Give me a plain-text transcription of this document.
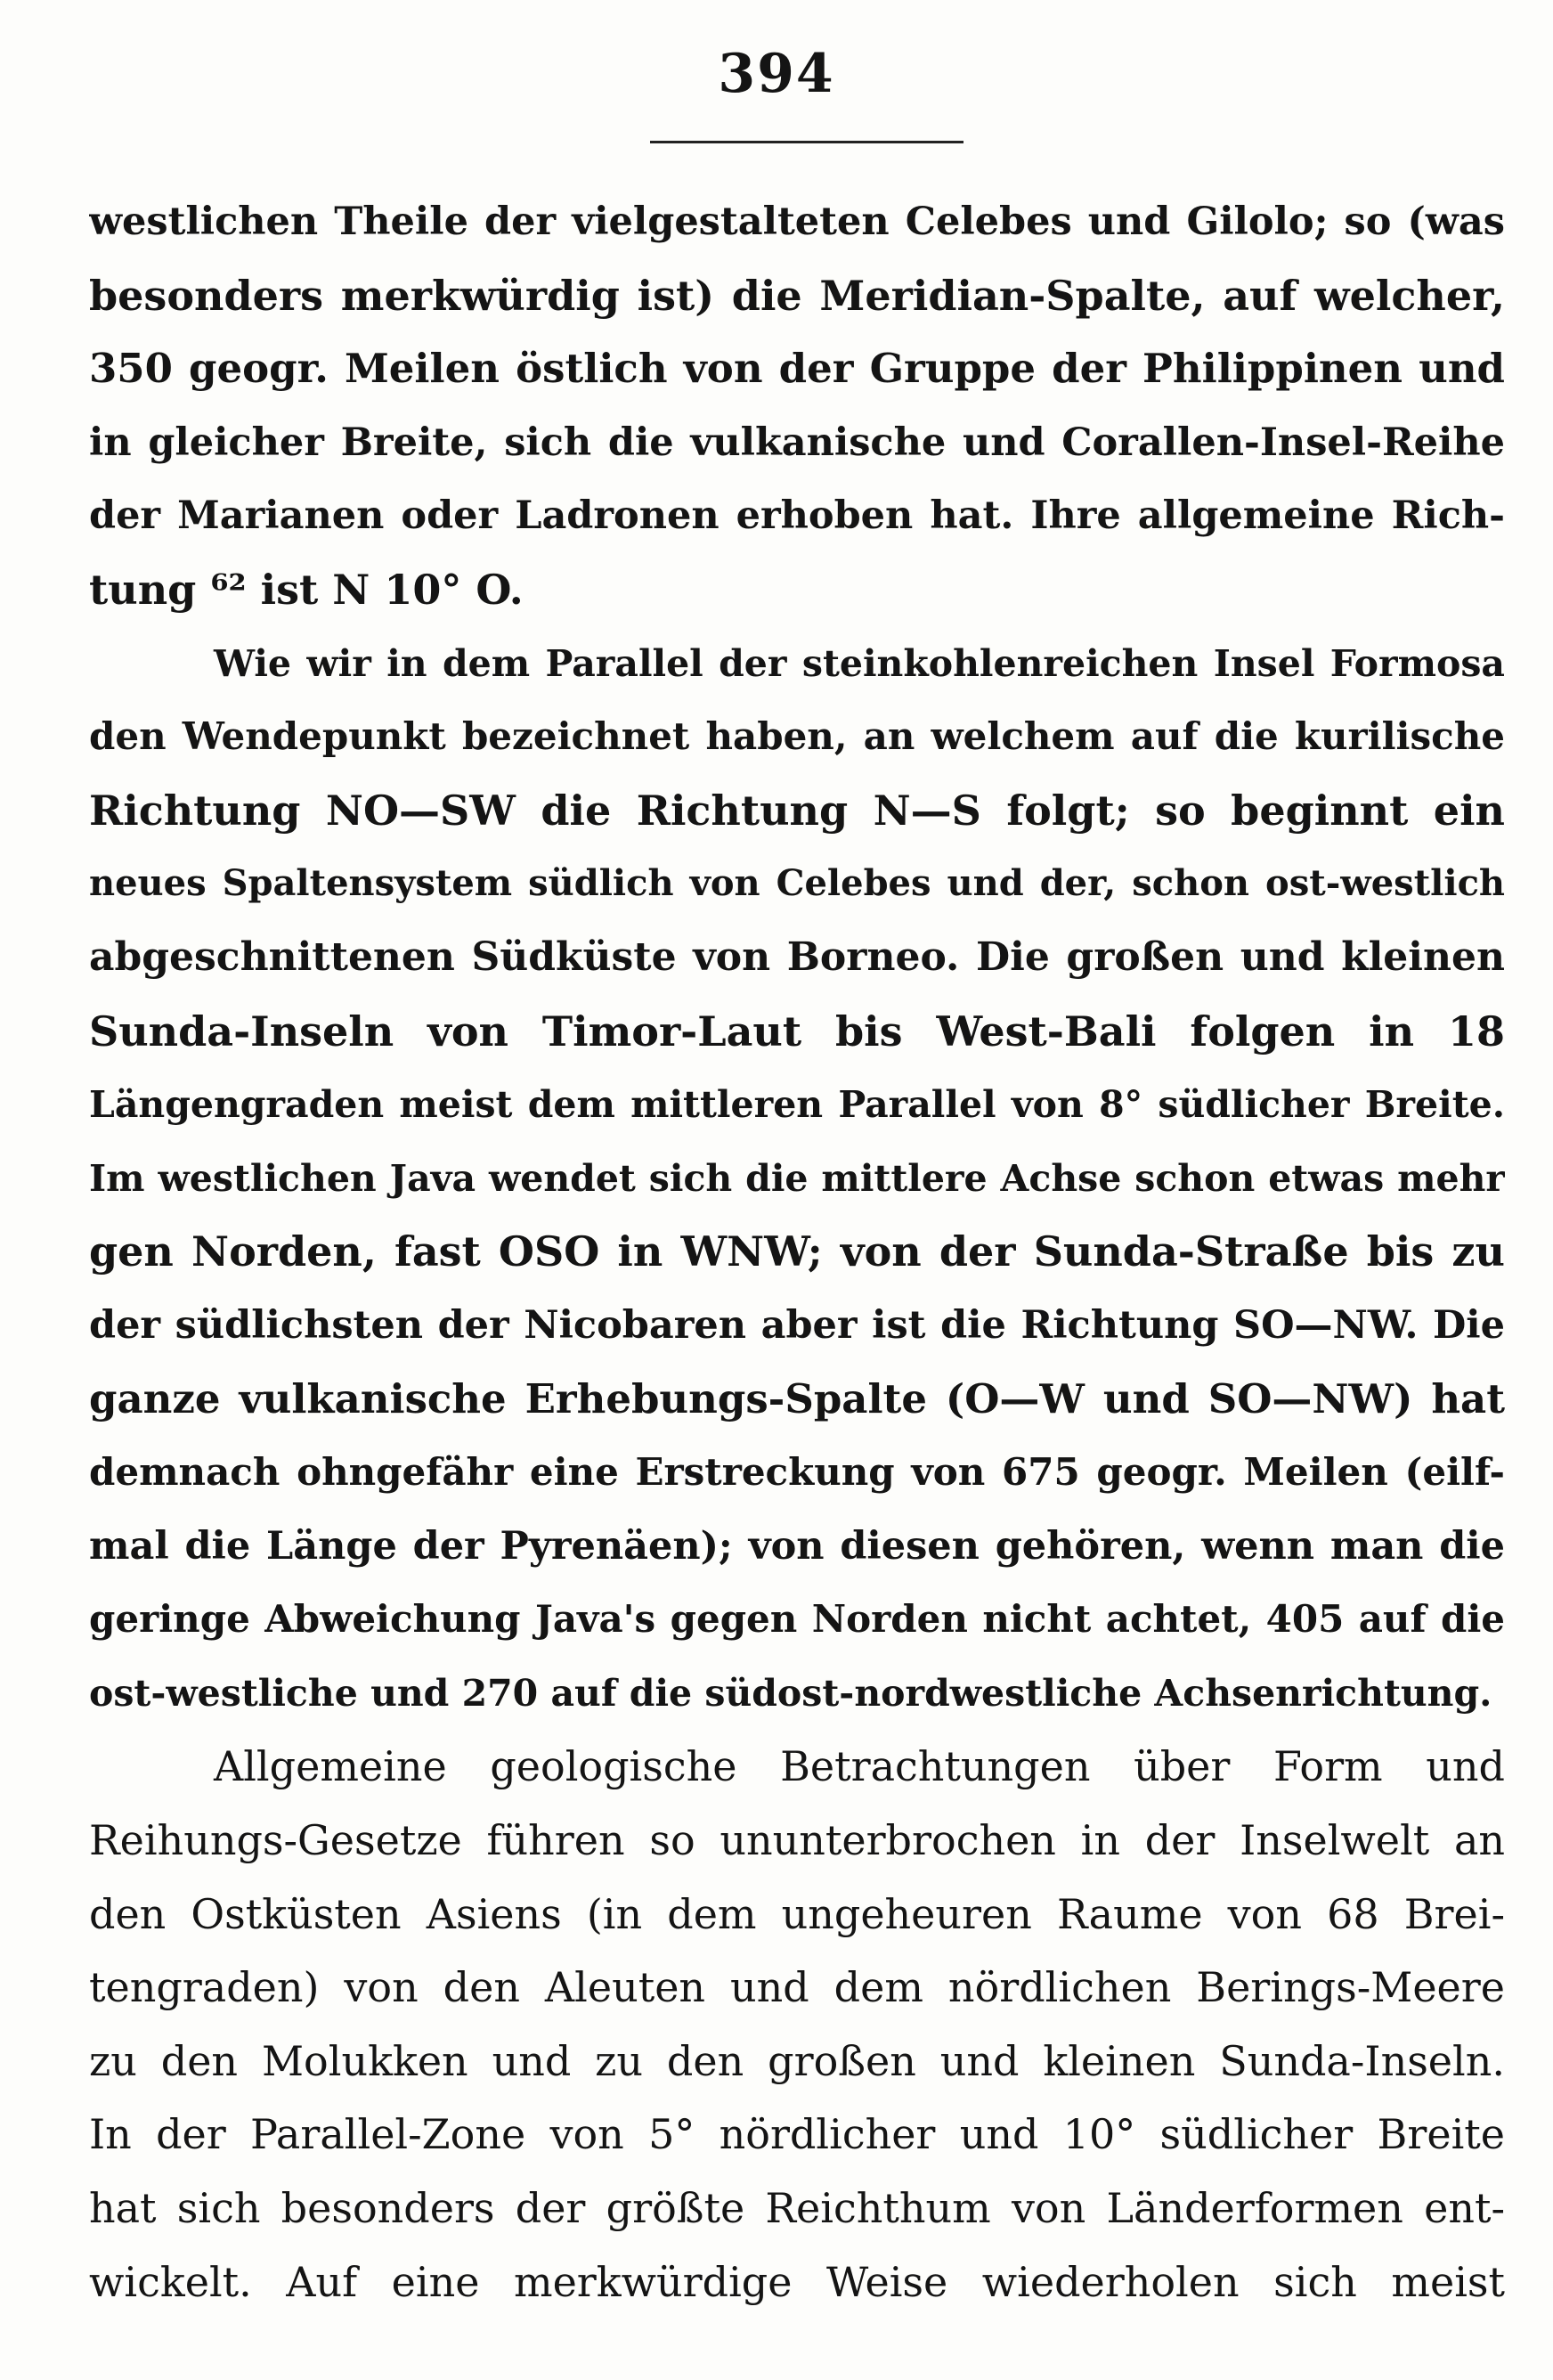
394
westlichen Theile der vielgestalteten Celebes und Gilolo; so (was
besonders merkwürdig ist) die Meridian-Spalte, auf welcher,
350 geogr. Meilen östlich von der Gruppe der Philippinen und
in gleicher Breite, sich die vulkanische und Corallen-Insel-Reihe
der Marianen oder Ladronen erhoben hat. Ihre allgemeine Rich-
tung ⁶² ist N 10° O.
Wie wir in dem Parallel der steinkohlenreichen Insel Formosa
den Wendepunkt bezeichnet haben, an welchem auf die kurilische
Richtung NO—SW die Richtung N—S folgt; so beginnt ein
neues Spaltensystem südlich von Celebes und der, schon ost-westlich
abgeschnittenen Südküste von Borneo. Die großen und kleinen
Sunda-Inseln von Timor-Laut bis West-Bali folgen in 18
Längengraden meist dem mittleren Parallel von 8° südlicher Breite.
Im westlichen Java wendet sich die mittlere Achse schon etwas mehr
gen Norden, fast OSO in WNW; von der Sunda-Straße bis zu
der südlichsten der Nicobaren aber ist die Richtung SO—NW. Die
ganze vulkanische Erhebungs-Spalte (O—W und SO—NW) hat
demnach ohngefähr eine Erstreckung von 675 geogr. Meilen (eilf-
mal die Länge der Pyrenäen); von diesen gehören, wenn man die
geringe Abweichung Java's gegen Norden nicht achtet, 405 auf die
ost-westliche und 270 auf die südost-nordwestliche Achsenrichtung.
Allgemeine geologische Betrachtungen über Form und
Reihungs-Gesetze führen so ununterbrochen in der Inselwelt an
den Ostküsten Asiens (in dem ungeheuren Raume von 68 Brei-
tengraden) von den Aleuten und dem nördlichen Berings-Meere
zu den Molukken und zu den großen und kleinen Sunda-Inseln.
In der Parallel-Zone von 5° nördlicher und 10° südlicher Breite
hat sich besonders der größte Reichthum von Länderformen ent-
wickelt. Auf eine merkwürdige Weise wiederholen sich meist
